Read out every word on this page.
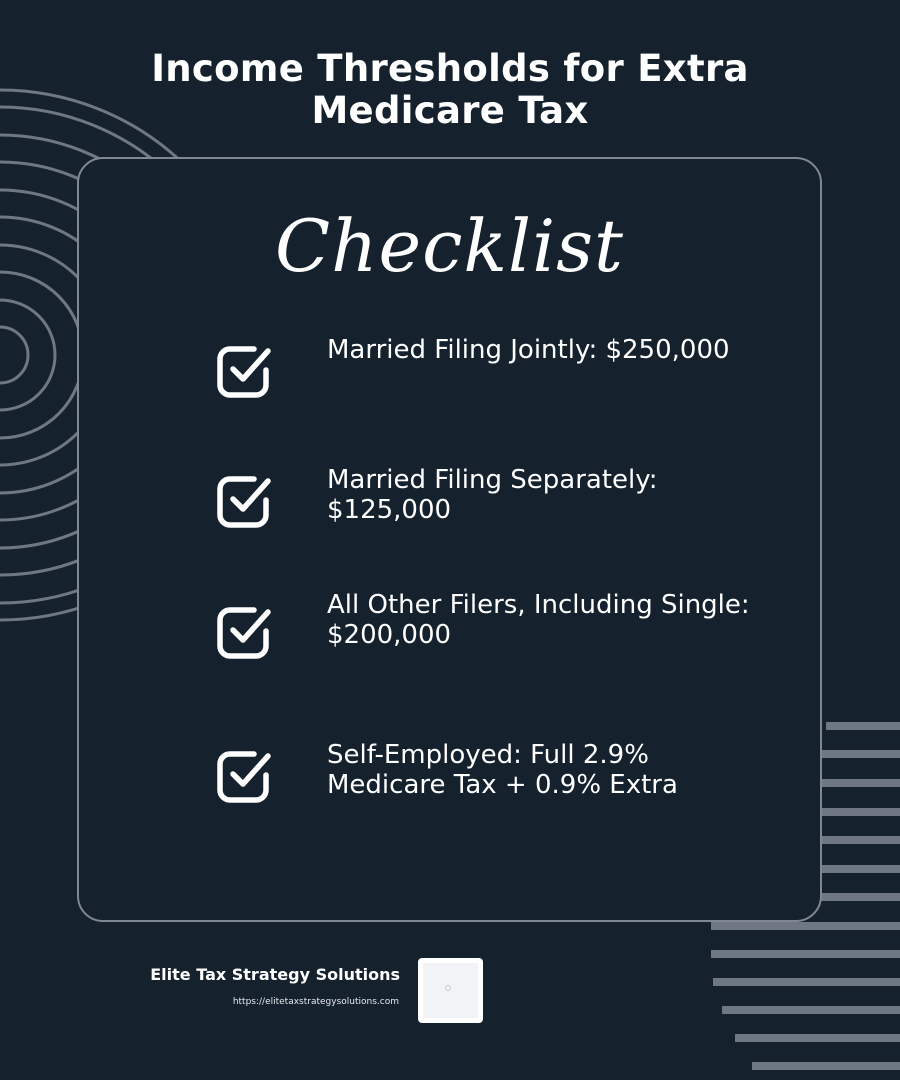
Income Thresholds for Extra Medicare Tax
Checklist
Married Filing Jointly: $250,000
Married Filing Separately: $125,000
All Other Filers, Including Single: $200,000
Self-Employed: Full 2.9% Medicare Tax + 0.9% Extra
Elite Tax Strategy Solutions
https://elitetaxstrategysolutions.com
